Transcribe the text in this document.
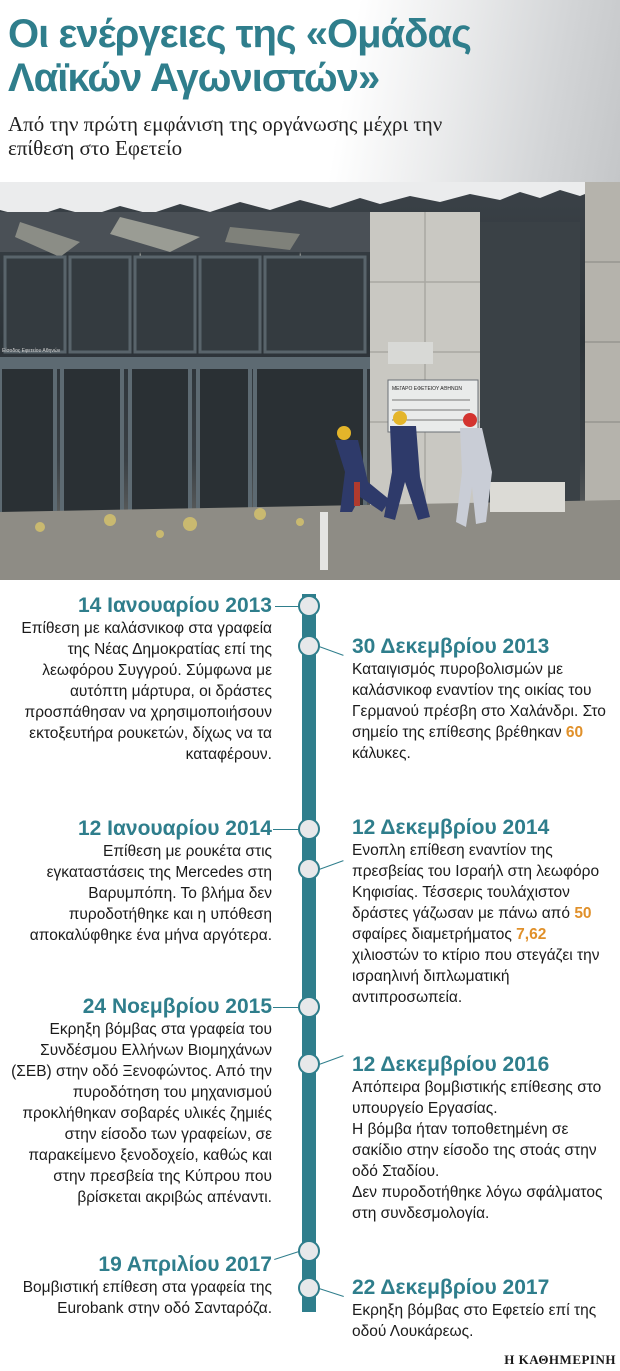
Οι ενέργειες της «Ομάδας Λαϊκών Αγωνιστών»
Από την πρώτη εμφάνιση της οργάνωσης μέχρι την επίθεση στο Εφετείο
ΜΕΓΑΡΟ ΕΦΕΤΕΙΟΥ ΑΘΗΝΩΝ
Είσοδος Εφετείου Αθηνών
14 Ιανουαρίου 2013
Επίθεση με καλάσνικοφ στα γραφεία της Νέας Δημοκρατίας επί της λεωφόρου Συγγρού. Σύμφωνα με αυτόπτη μάρτυρα, οι δράστες προσπάθησαν να χρησιμοποιήσουν εκτοξευτήρα ρουκετών, δίχως να τα καταφέρουν.
12 Ιανουαρίου 2014
Επίθεση με ρουκέτα στις εγκαταστάσεις της Mercedes στη Βαρυμπόπη. Το βλήμα δεν πυροδοτήθηκε και η υπόθεση αποκαλύφθηκε ένα μήνα αργότερα.
24 Νοεμβρίου 2015
Εκρηξη βόμβας στα γραφεία του Συνδέσμου Ελλήνων Βιομηχάνων (ΣΕΒ) στην οδό Ξενοφώντος. Από την πυροδότηση του μηχανισμού προκλήθηκαν σοβαρές υλικές ζημιές στην είσοδο των γραφείων, σε παρακείμενο ξενοδοχείο, καθώς και στην πρεσβεία της Κύπρου που βρίσκεται ακριβώς απέναντι.
19 Απριλίου 2017
Βομβιστική επίθεση στα γραφεία της Eurobank στην οδό Σανταρόζα.
30 Δεκεμβρίου 2013
Καταιγισμός πυροβολισμών με καλάσνικοφ εναντίον της οικίας του Γερμανού πρέσβη στο Χαλάνδρι. Στο σημείο της επίθεσης βρέθηκαν 60 κάλυκες.
12 Δεκεμβρίου 2014
Ενοπλη επίθεση εναντίον της πρεσβείας του Ισραήλ στη λεωφόρο Κηφισίας. Τέσσερις τουλάχιστον δράστες γάζωσαν με πάνω από 50 σφαίρες διαμετρήματος 7,62 χιλιοστών το κτίριο που στεγάζει την ισραηλινή διπλωματική αντιπροσωπεία.
12 Δεκεμβρίου 2016
Απόπειρα βομβιστικής επίθεσης στο υπουργείο Εργασίας.
Η βόμβα ήταν τοποθετημένη σε σακίδιο στην είσοδο της στοάς στην οδό Σταδίου.
Δεν πυροδοτήθηκε λόγω σφάλματος στη συνδεσμολογία.
22 Δεκεμβρίου 2017
Εκρηξη βόμβας στο Εφετείο επί της οδού Λουκάρεως.
Η ΚΑΘΗΜΕΡΙΝΗ
